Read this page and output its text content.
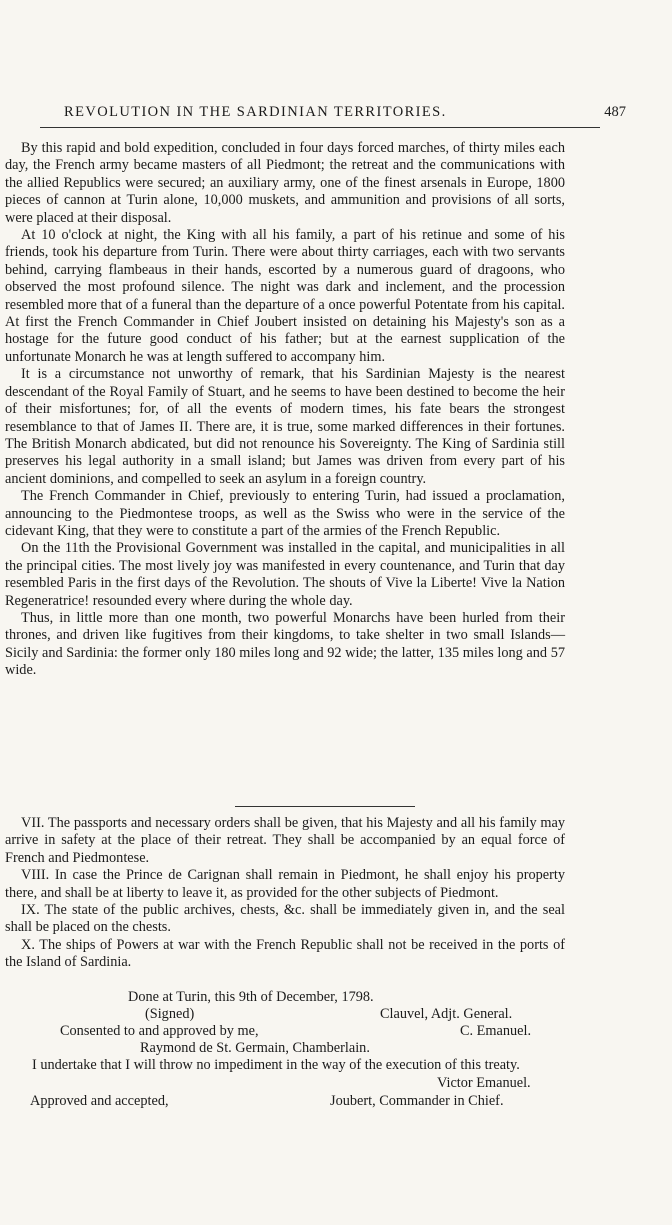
REVOLUTION IN THE SARDINIAN TERRITORIES.	487

By this rapid and bold expedition, concluded in four days forced marches, of thirty miles each day, the French army became masters of all Piedmont; the retreat and the communications with the allied Republics were secured; an auxiliary army, one of the finest arsenals in Europe, 1800 pieces of cannon at Turin alone, 10,000 muskets, and ammunition and provisions of all sorts, were placed at their disposal.

At 10 o'clock at night, the King with all his family, a part of his retinue and some of his friends, took his departure from Turin. There were about thirty carriages, each with two servants behind, carrying flambeaus in their hands, escorted by a numerous guard of dragoons, who observed the most profound silence. The night was dark and inclement, and the procession resembled more that of a funeral than the departure of a once powerful Potentate from his capital. At first the French Commander in Chief Joubert insisted on detaining his Majesty's son as a hostage for the future good conduct of his father; but at the earnest supplication of the unfortunate Monarch he was at length suffered to accompany him.

It is a circumstance not unworthy of remark, that his Sardinian Majesty is the nearest descendant of the Royal Family of Stuart, and he seems to have been destined to become the heir of their misfortunes; for, of all the events of modern times, his fate bears the strongest resemblance to that of James II. There are, it is true, some marked differences in their fortunes. The British Monarch abdicated, but did not renounce his Sovereignty. The King of Sardinia still preserves his legal authority in a small island; but James was driven from every part of his ancient dominions, and compelled to seek an asylum in a foreign country.

The French Commander in Chief, previously to entering Turin, had issued a proclamation, announcing to the Piedmontese troops, as well as the Swiss who were in the service of the cidevant King, that they were to constitute a part of the armies of the French Republic.

On the 11th the Provisional Government was installed in the capital, and municipalities in all the principal cities. The most lively joy was manifested in every countenance, and Turin that day resembled Paris in the first days of the Revolution. The shouts of Vive la Liberte! Vive la Nation Regeneratrice! resounded every where during the whole day.

Thus, in little more than one month, two powerful Monarchs have been hurled from their thrones, and driven like fugitives from their kingdoms, to take shelter in two small Islands—Sicily and Sardinia: the former only 180 miles long and 92 wide; the latter, 135 miles long and 57 wide.

VII. The passports and necessary orders shall be given, that his Majesty and all his family may arrive in safety at the place of their retreat. They shall be accompanied by an equal force of French and Piedmontese.

VIII. In case the Prince de Carignan shall remain in Piedmont, he shall enjoy his property there, and shall be at liberty to leave it, as provided for the other subjects of Piedmont.

IX. The state of the public archives, chests, &c. shall be immediately given in, and the seal shall be placed on the chests.

X. The ships of Powers at war with the French Republic shall not be received in the ports of the Island of Sardinia.

Done at Turin, this 9th of December, 1798.
(Signed)	Clauvel, Adjt. General.
Consented to and approved by me,	C. Emanuel.
Raymond de St. Germain, Chamberlain.
I undertake that I will throw no impediment in the way of the execution of this treaty.
Victor Emanuel.
Approved and accepted,	Joubert, Commander in Chief.
